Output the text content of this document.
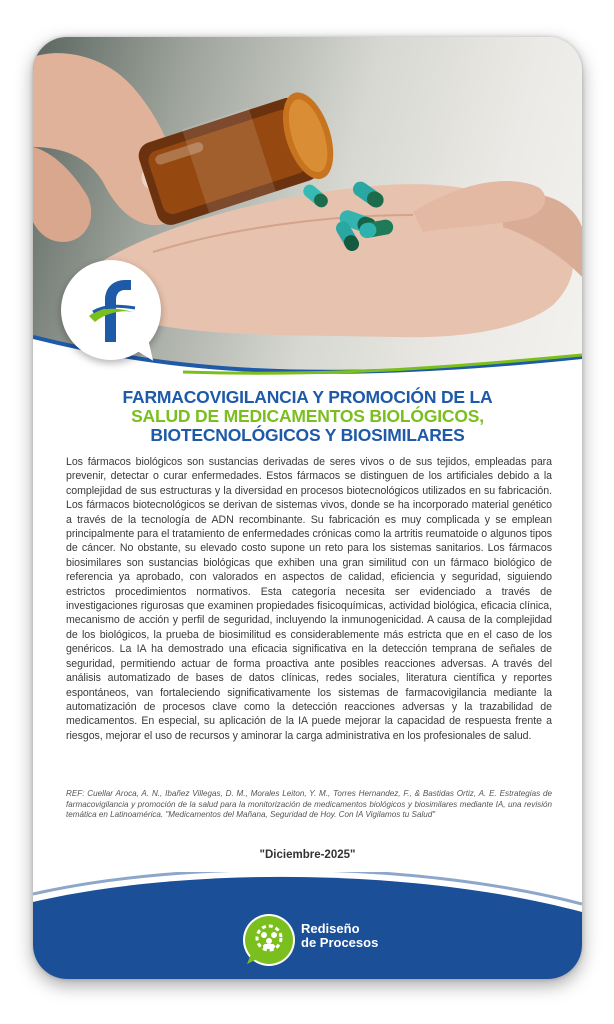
FARMACOVIGILANCIA Y PROMOCIÓN DE LA
SALUD DE MEDICAMENTOS BIOLÓGICOS,
BIOTECNOLÓGICOS Y BIOSIMILARES
Los fármacos biológicos son sustancias derivadas de seres vivos o de sus tejidos, empleadas para prevenir, detectar o curar enfermedades. Estos fármacos se distinguen de los artificiales debido a la complejidad de sus estructuras y la diversidad en procesos biotecnológicos utilizados en su fabricación. Los fármacos biotecnológicos se derivan de sistemas vivos, donde se ha incorporado material genético a través de la tecnología de ADN recombinante. Su fabricación es muy complicada y se emplean principalmente para el tratamiento de enfermedades crónicas como la artritis reumatoide o algunos tipos de cáncer. No obstante, su elevado costo supone un reto para los sistemas sanitarios. Los fármacos biosimilares son sustancias biológicas que exhiben una gran similitud con un fármaco biológico de referencia ya aprobado, con valorados en aspectos de calidad, eficiencia y seguridad, siguiendo estrictos procedimientos normativos. Esta categoría necesita ser evidenciado a través de investigaciones rigurosas que examinen propiedades fisicoquímicas, actividad biológica, eficacia clínica, mecanismo de acción y perfil de seguridad, incluyendo la inmunogenicidad. A causa de la complejidad de los biológicos, la prueba de biosimilitud es considerablemente más estricta que en el caso de los genéricos. La IA ha demostrado una eficacia significativa en la detección temprana de señales de seguridad, permitiendo actuar de forma proactiva ante posibles reacciones adversas. A través del análisis automatizado de bases de datos clínicas, redes sociales, literatura científica y reportes espontáneos, van fortaleciendo significativamente los sistemas de farmacovigilancia mediante la automatización de procesos clave como la detección reacciones adversas y la trazabilidad de medicamentos. En especial, su aplicación de la IA puede mejorar la capacidad de respuesta frente a riesgos, mejorar el uso de recursos y aminorar la carga administrativa en los profesionales de salud.
REF: Cuellar Aroca, A. N., Ibañez Villegas, D. M., Morales Leiton, Y. M., Torres Hernandez, F., & Bastidas Ortiz, A. E. Estrategias de farmacovigilancia y promoción de la salud para la monitorización de medicamentos biológicos y biosimilares mediante IA, una revisión temática en Latinoamérica. "Medicamentos del Mañana, Seguridad de Hoy. Con IA Vigilamos tu Salud"
"Diciembre-2025"
Rediseño
de Procesos
